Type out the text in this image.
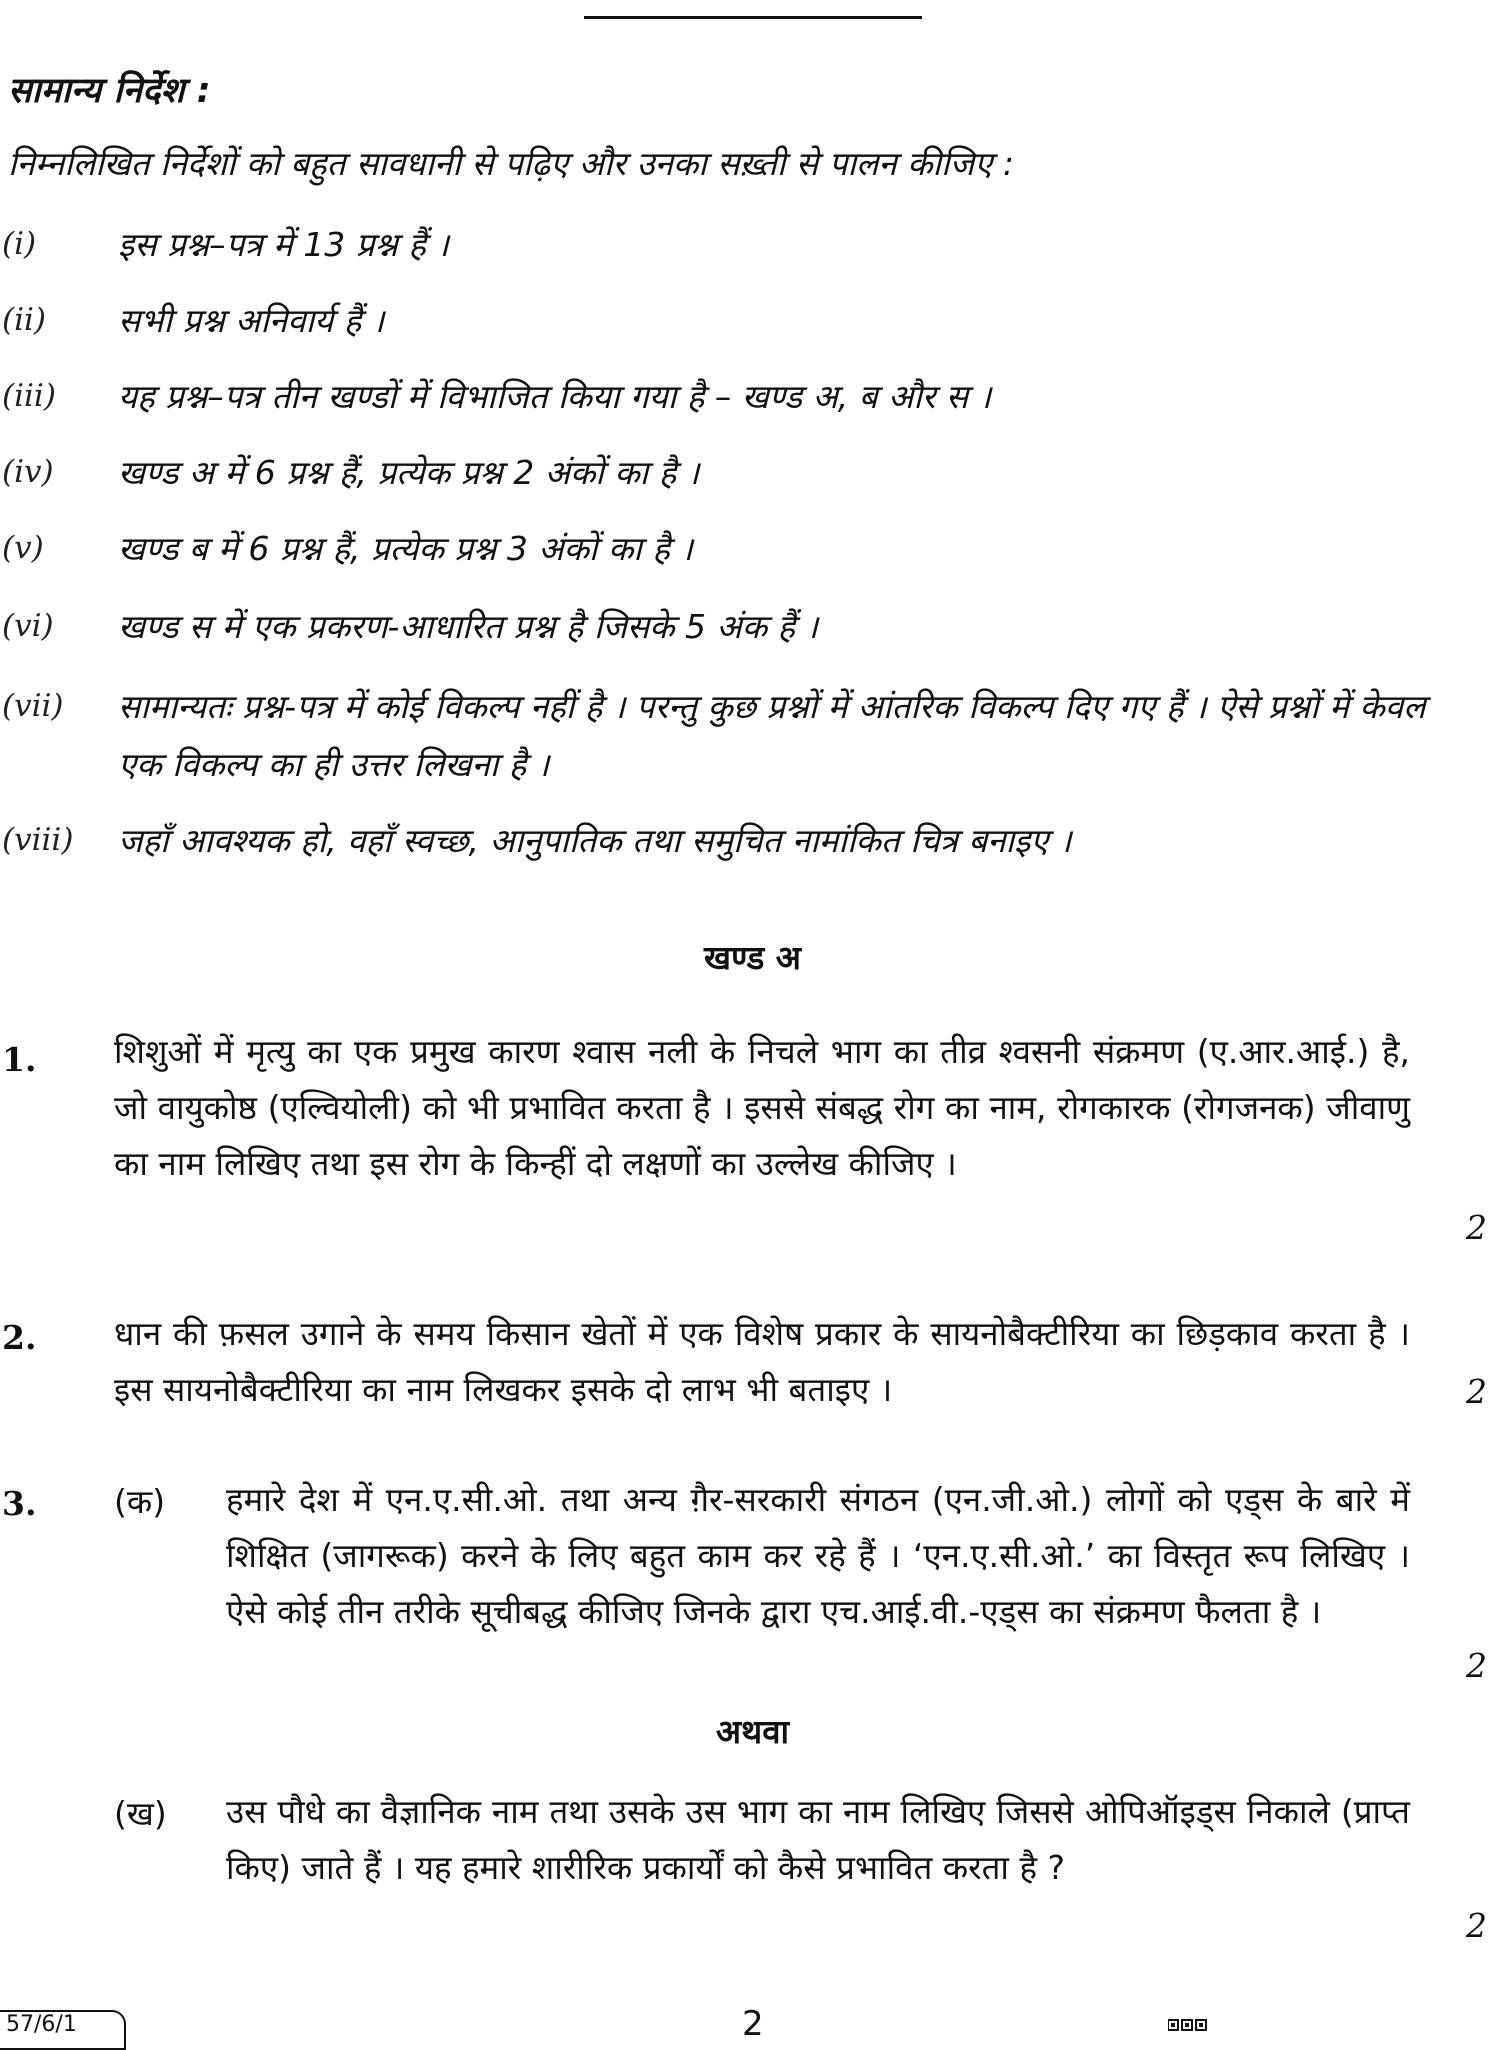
सामान्य निर्देश :
निम्नलिखित निर्देशों को बहुत सावधानी से पढ़िए और उनका सख़्ती से पालन कीजिए :
(i) इस प्रश्न–पत्र में 13 प्रश्न हैं ।
(ii) सभी प्रश्न अनिवार्य हैं ।
(iii) यह प्रश्न–पत्र तीन खण्डों में विभाजित किया गया है – खण्ड अ, ब और स ।
(iv) खण्ड अ में 6 प्रश्न हैं, प्रत्येक प्रश्न 2 अंकों का है ।
(v) खण्ड ब में 6 प्रश्न हैं, प्रत्येक प्रश्न 3 अंकों का है ।
(vi) खण्ड स में एक प्रकरण-आधारित प्रश्न है जिसके 5 अंक हैं ।
(vii) सामान्यतः प्रश्न-पत्र में कोई विकल्प नहीं है । परन्तु कुछ प्रश्नों में आंतरिक विकल्प दिए गए हैं । ऐसे प्रश्नों में केवल एक विकल्प का ही उत्तर लिखना है ।
(viii) जहाँ आवश्यक हो, वहाँ स्वच्छ, आनुपातिक तथा समुचित नामांकित चित्र बनाइए ।
खण्ड अ
1. शिशुओं में मृत्यु का एक प्रमुख कारण श्वास नली के निचले भाग का तीव्र श्वसनी संक्रमण (ए.आर.आई.) है, जो वायुकोष्ठ (एल्वियोली) को भी प्रभावित करता है । इससे संबद्ध रोग का नाम, रोगकारक (रोगजनक) जीवाणु का नाम लिखिए तथा इस रोग के किन्हीं दो लक्षणों का उल्लेख कीजिए ।
2
2. धान की फ़सल उगाने के समय किसान खेतों में एक विशेष प्रकार के सायनोबैक्टीरिया का छिड़काव करता है । इस सायनोबैक्टीरिया का नाम लिखकर इसके दो लाभ भी बताइए ।	2
3. (क) हमारे देश में एन.ए.सी.ओ. तथा अन्य ग़ैर-सरकारी संगठन (एन.जी.ओ.) लोगों को एड्स के बारे में शिक्षित (जागरूक) करने के लिए बहुत काम कर रहे हैं । ‘एन.ए.सी.ओ.’ का विस्तृत रूप लिखिए । ऐसे कोई तीन तरीके सूचीबद्ध कीजिए जिनके द्वारा एच.आई.वी.-एड्स का संक्रमण फैलता है ।
2
अथवा
(ख) उस पौधे का वैज्ञानिक नाम तथा उसके उस भाग का नाम लिखिए जिससे ओपिऑइड्स निकाले (प्राप्त किए) जाते हैं । यह हमारे शारीरिक प्रकार्यों को कैसे प्रभावित करता है ?
2
57/6/1	2
